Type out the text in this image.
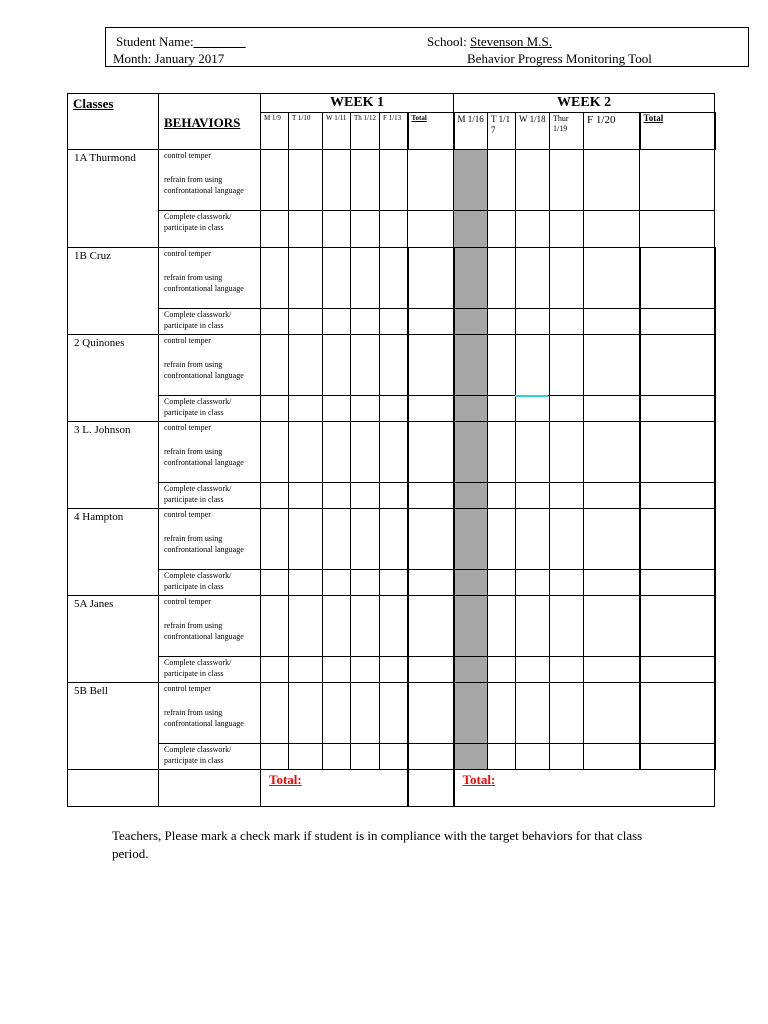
Student Name:________	School: Stevenson M.S.
Month: January 2017	Behavior Progress Monitoring Tool
Classes		WEEK 1						WEEK 2					
	BEHAVIORS	M 1/9	T 1/10	W 1/11	Th 1/12	F 1/13	Total	M 1/16	T 1/1 7	W 1/18	Thur 1/19	F 1/20	Total
1A Thurmond	control temper
refrain from using confrontational language												

	Complete classwork/ participate in class												
1B Cruz	control temper
refrain from using confrontational language												

	Complete classwork/ participate in class												
2 Quinones	control temper
refrain from using confrontational language												

	Complete classwork/ participate in class												
3 L. Johnson	control temper
refrain from using confrontational language												

	Complete classwork/ participate in class												
4 Hampton	control temper
refrain from using confrontational language												

	Complete classwork/ participate in class												
5A Janes	control temper
refrain from using confrontational language												

	Complete classwork/ participate in class												
5B Bell	control temper
refrain from using confrontational language												

	Complete classwork/ participate in class												
		Total:						Total:					
Teachers, Please mark a check mark if student is in compliance with the target behaviors for that class period.
